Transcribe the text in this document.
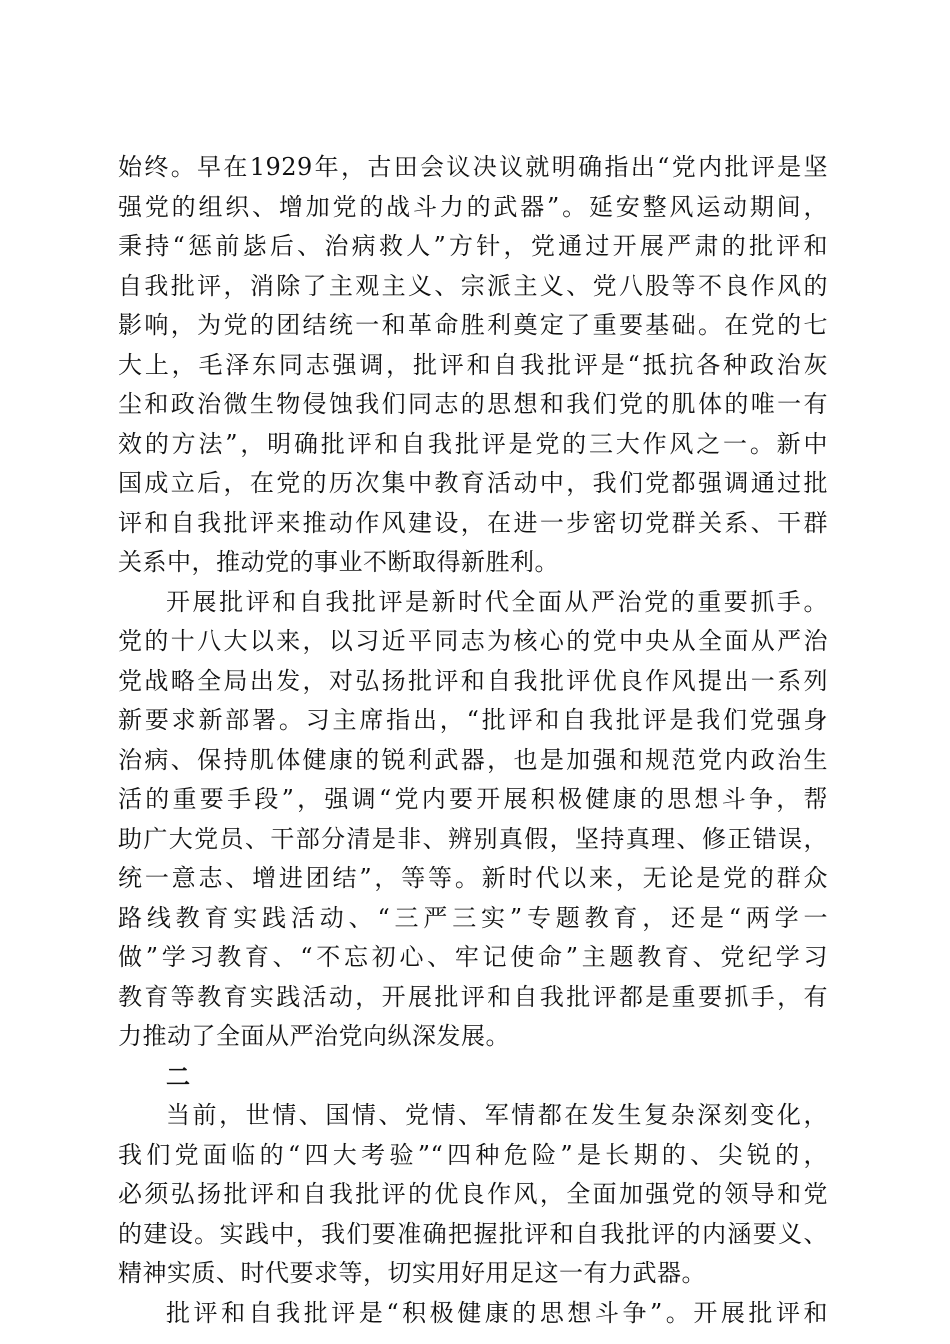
始终。早在1929年，古田会议决议就明确指出“党内批评是坚
强党的组织、增加党的战斗力的武器”。延安整风运动期间，
秉持“惩前毖后、治病救人”方针，党通过开展严肃的批评和
自我批评，消除了主观主义、宗派主义、党八股等不良作风的
影响，为党的团结统一和革命胜利奠定了重要基础。在党的七
大上，毛泽东同志强调，批评和自我批评是“抵抗各种政治灰
尘和政治微生物侵蚀我们同志的思想和我们党的肌体的唯一有
效的方法”，明确批评和自我批评是党的三大作风之一。新中
国成立后，在党的历次集中教育活动中，我们党都强调通过批
评和自我批评来推动作风建设，在进一步密切党群关系、干群
关系中，推动党的事业不断取得新胜利。
开展批评和自我批评是新时代全面从严治党的重要抓手。
党的十八大以来，以习近平同志为核心的党中央从全面从严治
党战略全局出发，对弘扬批评和自我批评优良作风提出一系列
新要求新部署。习主席指出，“批评和自我批评是我们党强身
治病、保持肌体健康的锐利武器，也是加强和规范党内政治生
活的重要手段”，强调“党内要开展积极健康的思想斗争，帮
助广大党员、干部分清是非、辨别真假，坚持真理、修正错误，
统一意志、增进团结”，等等。新时代以来，无论是党的群众
路线教育实践活动、“三严三实”专题教育，还是“两学一
做”学习教育、“不忘初心、牢记使命”主题教育、党纪学习
教育等教育实践活动，开展批评和自我批评都是重要抓手，有
力推动了全面从严治党向纵深发展。
二
当前，世情、国情、党情、军情都在发生复杂深刻变化，
我们党面临的“四大考验”“四种危险”是长期的、尖锐的，
必须弘扬批评和自我批评的优良作风，全面加强党的领导和党
的建设。实践中，我们要准确把握批评和自我批评的内涵要义、
精神实质、时代要求等，切实用好用足这一有力武器。
批评和自我批评是“积极健康的思想斗争”。开展批评和
